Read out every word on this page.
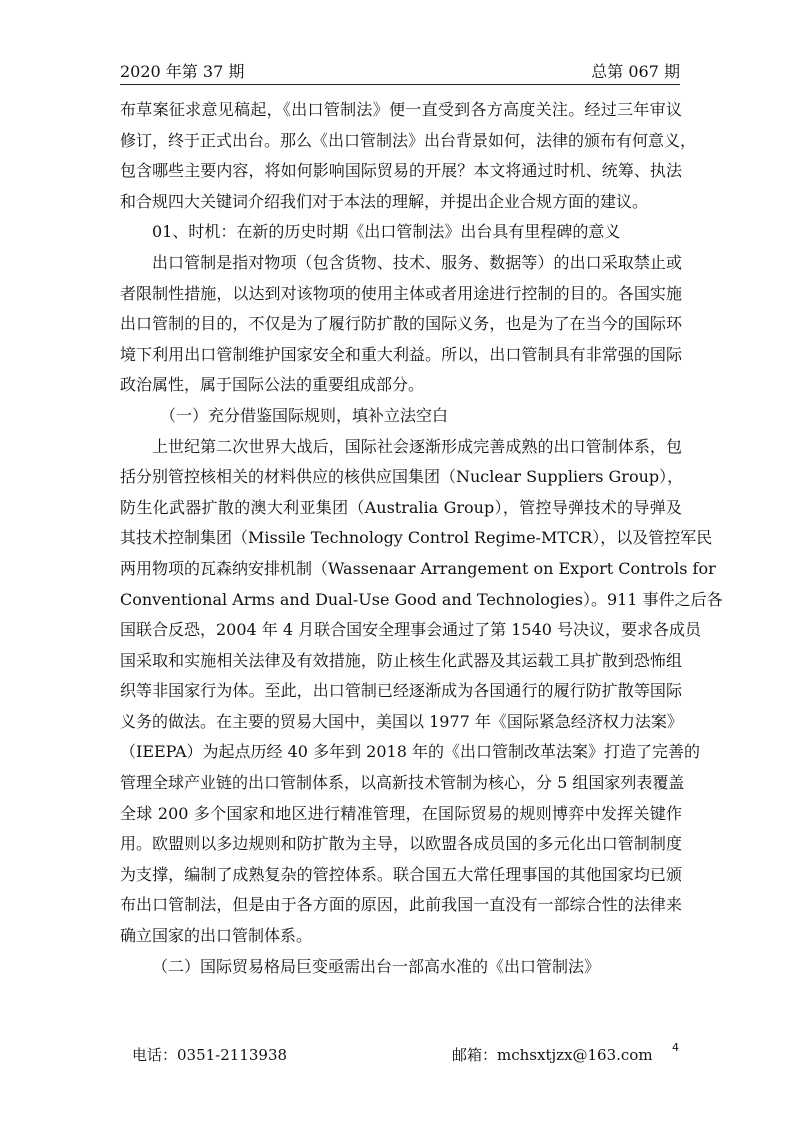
2020 年第 37 期	总第 067 期
布草案征求意见稿起，《出口管制法》便一直受到各方高度关注。经过三年审议
修订，终于正式出台。那么《出口管制法》出台背景如何，法律的颁布有何意义，
包含哪些主要内容，将如何影响国际贸易的开展？本文将通过时机、统筹、执法
和合规四大关键词介绍我们对于本法的理解，并提出企业合规方面的建议。
01、时机：在新的历史时期《出口管制法》出台具有里程碑的意义
出口管制是指对物项（包含货物、技术、服务、数据等）的出口采取禁止或
者限制性措施，以达到对该物项的使用主体或者用途进行控制的目的。各国实施
出口管制的目的，不仅是为了履行防扩散的国际义务，也是为了在当今的国际环
境下利用出口管制维护国家安全和重大利益。所以，出口管制具有非常强的国际
政治属性，属于国际公法的重要组成部分。
（一）充分借鉴国际规则，填补立法空白
上世纪第二次世界大战后，国际社会逐渐形成完善成熟的出口管制体系，包
括分别管控核相关的材料供应的核供应国集团（Nuclear Suppliers Group），
防生化武器扩散的澳大利亚集团（Australia Group），管控导弹技术的导弹及
其技术控制集团（Missile Technology Control Regime-MTCR），以及管控军民
两用物项的瓦森纳安排机制（Wassenaar Arrangement on Export Controls for
Conventional Arms and Dual-Use Good and Technologies）。911 事件之后各
国联合反恐，2004 年 4 月联合国安全理事会通过了第 1540 号决议，要求各成员
国采取和实施相关法律及有效措施，防止核生化武器及其运载工具扩散到恐怖组
织等非国家行为体。至此，出口管制已经逐渐成为各国通行的履行防扩散等国际
义务的做法。在主要的贸易大国中，美国以 1977 年《国际紧急经济权力法案》
（IEEPA）为起点历经 40 多年到 2018 年的《出口管制改革法案》打造了完善的
管理全球产业链的出口管制体系，以高新技术管制为核心，分 5 组国家列表覆盖
全球 200 多个国家和地区进行精准管理，在国际贸易的规则博弈中发挥关键作
用。欧盟则以多边规则和防扩散为主导，以欧盟各成员国的多元化出口管制制度
为支撑，编制了成熟复杂的管控体系。联合国五大常任理事国的其他国家均已颁
布出口管制法，但是由于各方面的原因，此前我国一直没有一部综合性的法律来
确立国家的出口管制体系。
（二）国际贸易格局巨变亟需出台一部高水准的《出口管制法》
电话：0351-2113938	邮箱：mchsxtjzx@163.com 4
